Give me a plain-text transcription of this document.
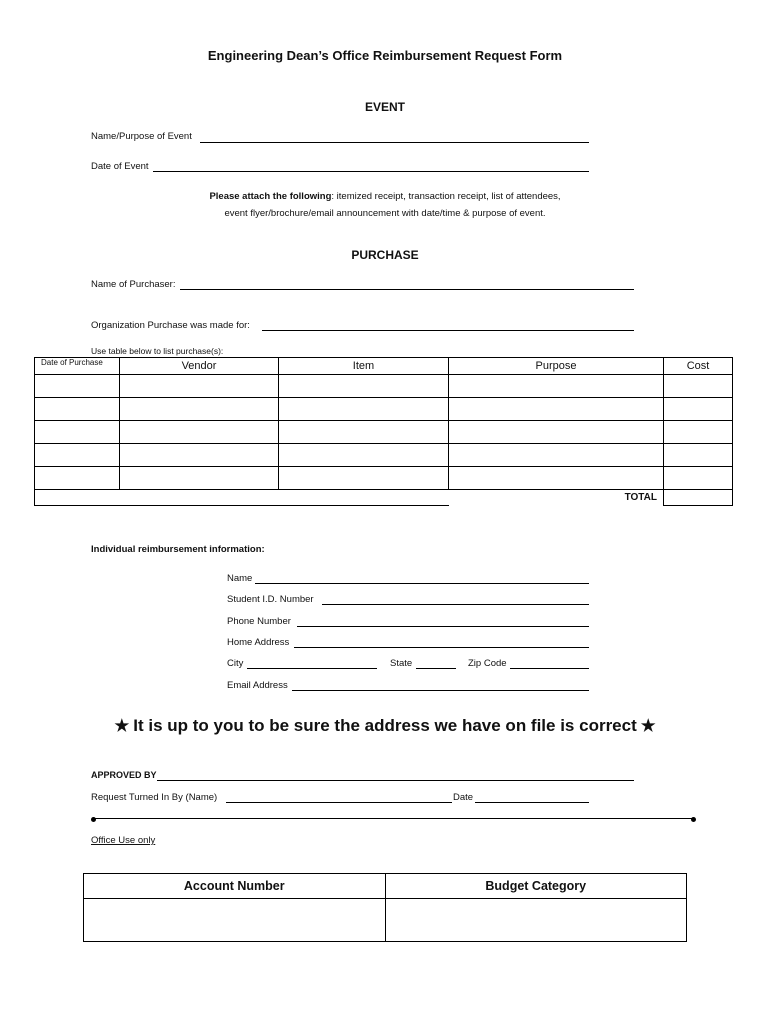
Engineering Dean’s Office Reimbursement Request Form
EVENT
Name/Purpose of Event
Date of Event
Please attach the following: itemized receipt, transaction receipt, list of attendees,
event flyer/brochure/email announcement with date/time & purpose of event.
PURCHASE
Name of Purchaser:
Organization Purchase was made for:
Use table below to list purchase(s):
Date of Purchase	Vendor	Item	Purpose	Cost

			TOTAL	
Individual reimbursement information:
Name
Student I.D. Number
Phone Number
Home Address
City	State	Zip Code
Email Address
✭ It is up to you to be sure the address we have on file is correct ✭
APPROVED BY
Request Turned In By (Name)	Date
Office Use only
Account Number	Budget Category
